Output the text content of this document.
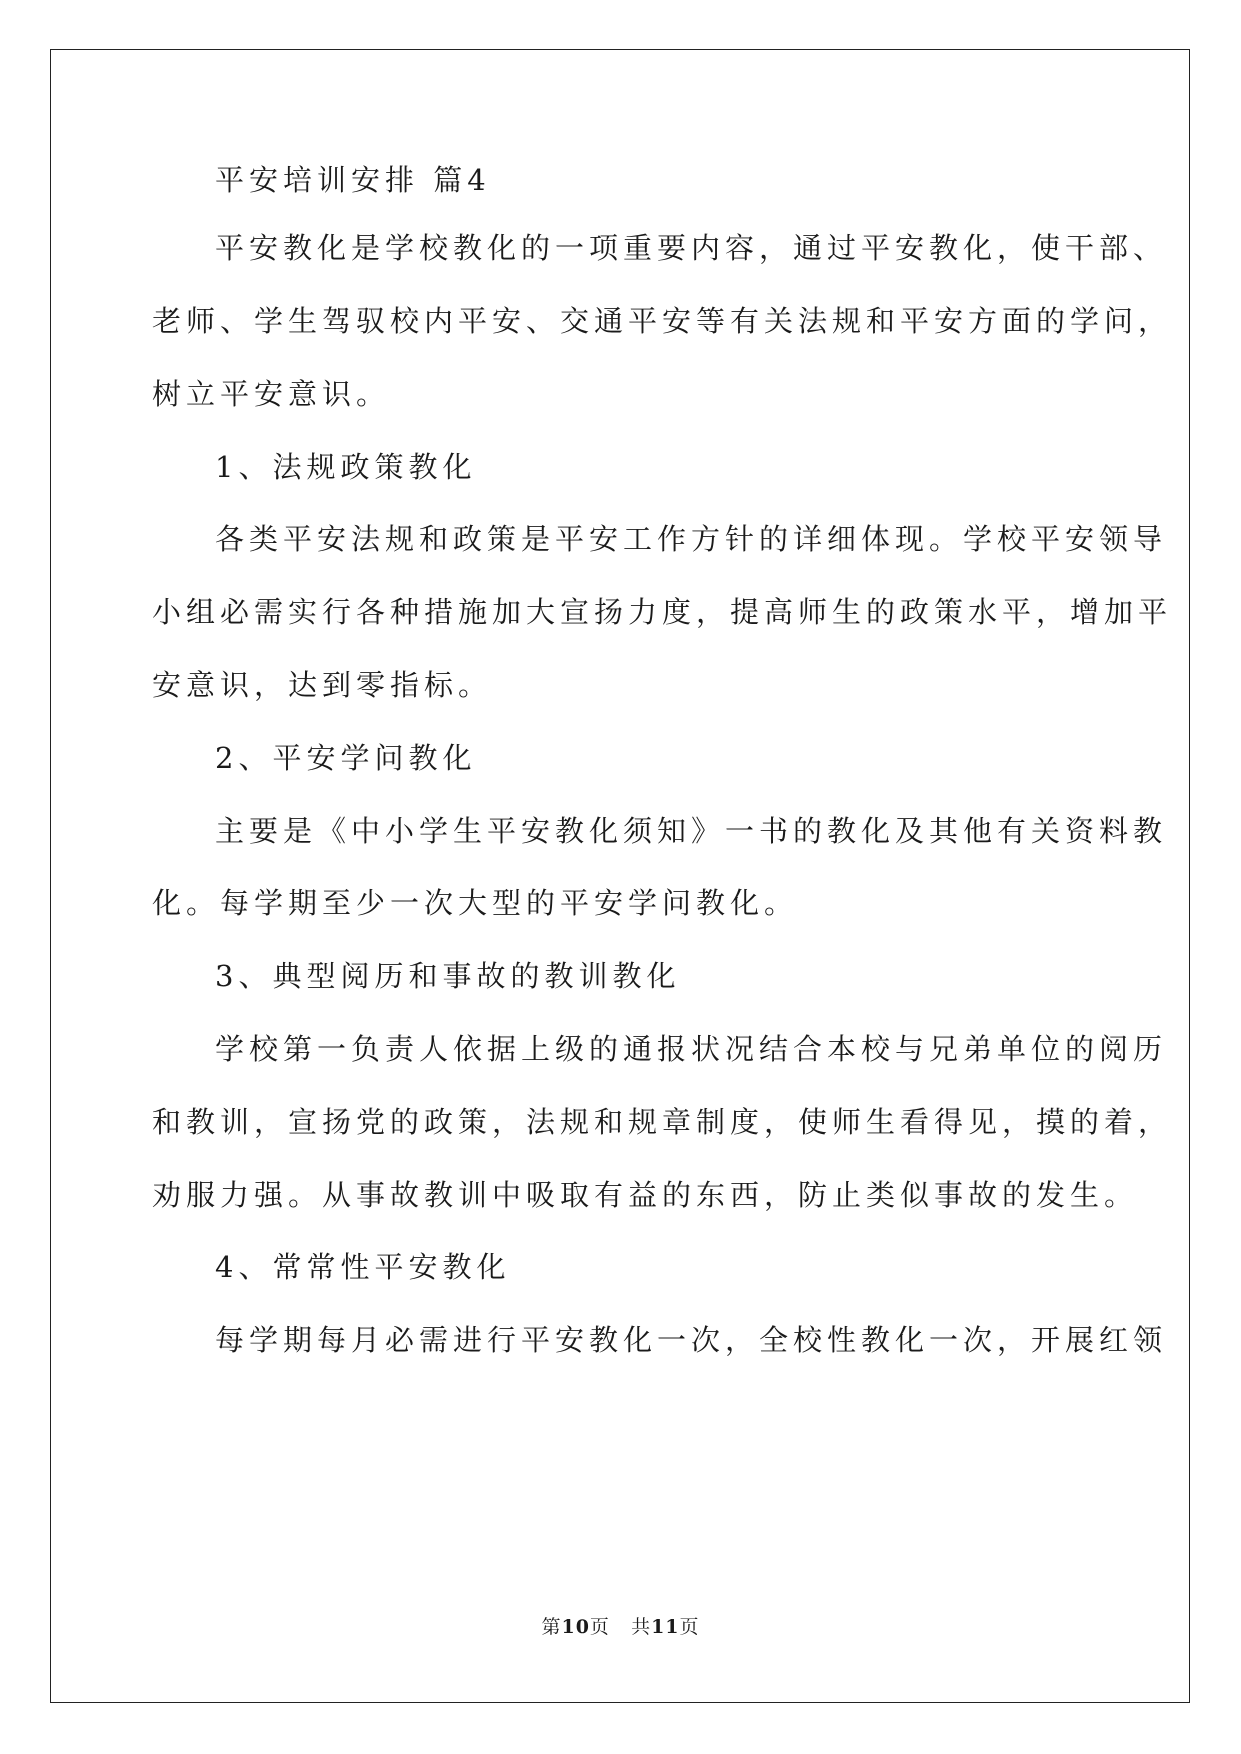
平安培训安排 篇4
平安教化是学校教化的一项重要内容，通过平安教化，使干部、
老师、学生驾驭校内平安、交通平安等有关法规和平安方面的学问，
树立平安意识。
1、法规政策教化
各类平安法规和政策是平安工作方针的详细体现。学校平安领导
小组必需实行各种措施加大宣扬力度，提高师生的政策水平，增加平
安意识，达到零指标。
2、平安学问教化
主要是《中小学生平安教化须知》一书的教化及其他有关资料教
化。每学期至少一次大型的平安学问教化。
3、典型阅历和事故的教训教化
学校第一负责人依据上级的通报状况结合本校与兄弟单位的阅历
和教训，宣扬党的政策，法规和规章制度，使师生看得见，摸的着，
劝服力强。从事故教训中吸取有益的东西，防止类似事故的发生。
4、常常性平安教化
每学期每月必需进行平安教化一次，全校性教化一次，开展红领
第10页 共11页
